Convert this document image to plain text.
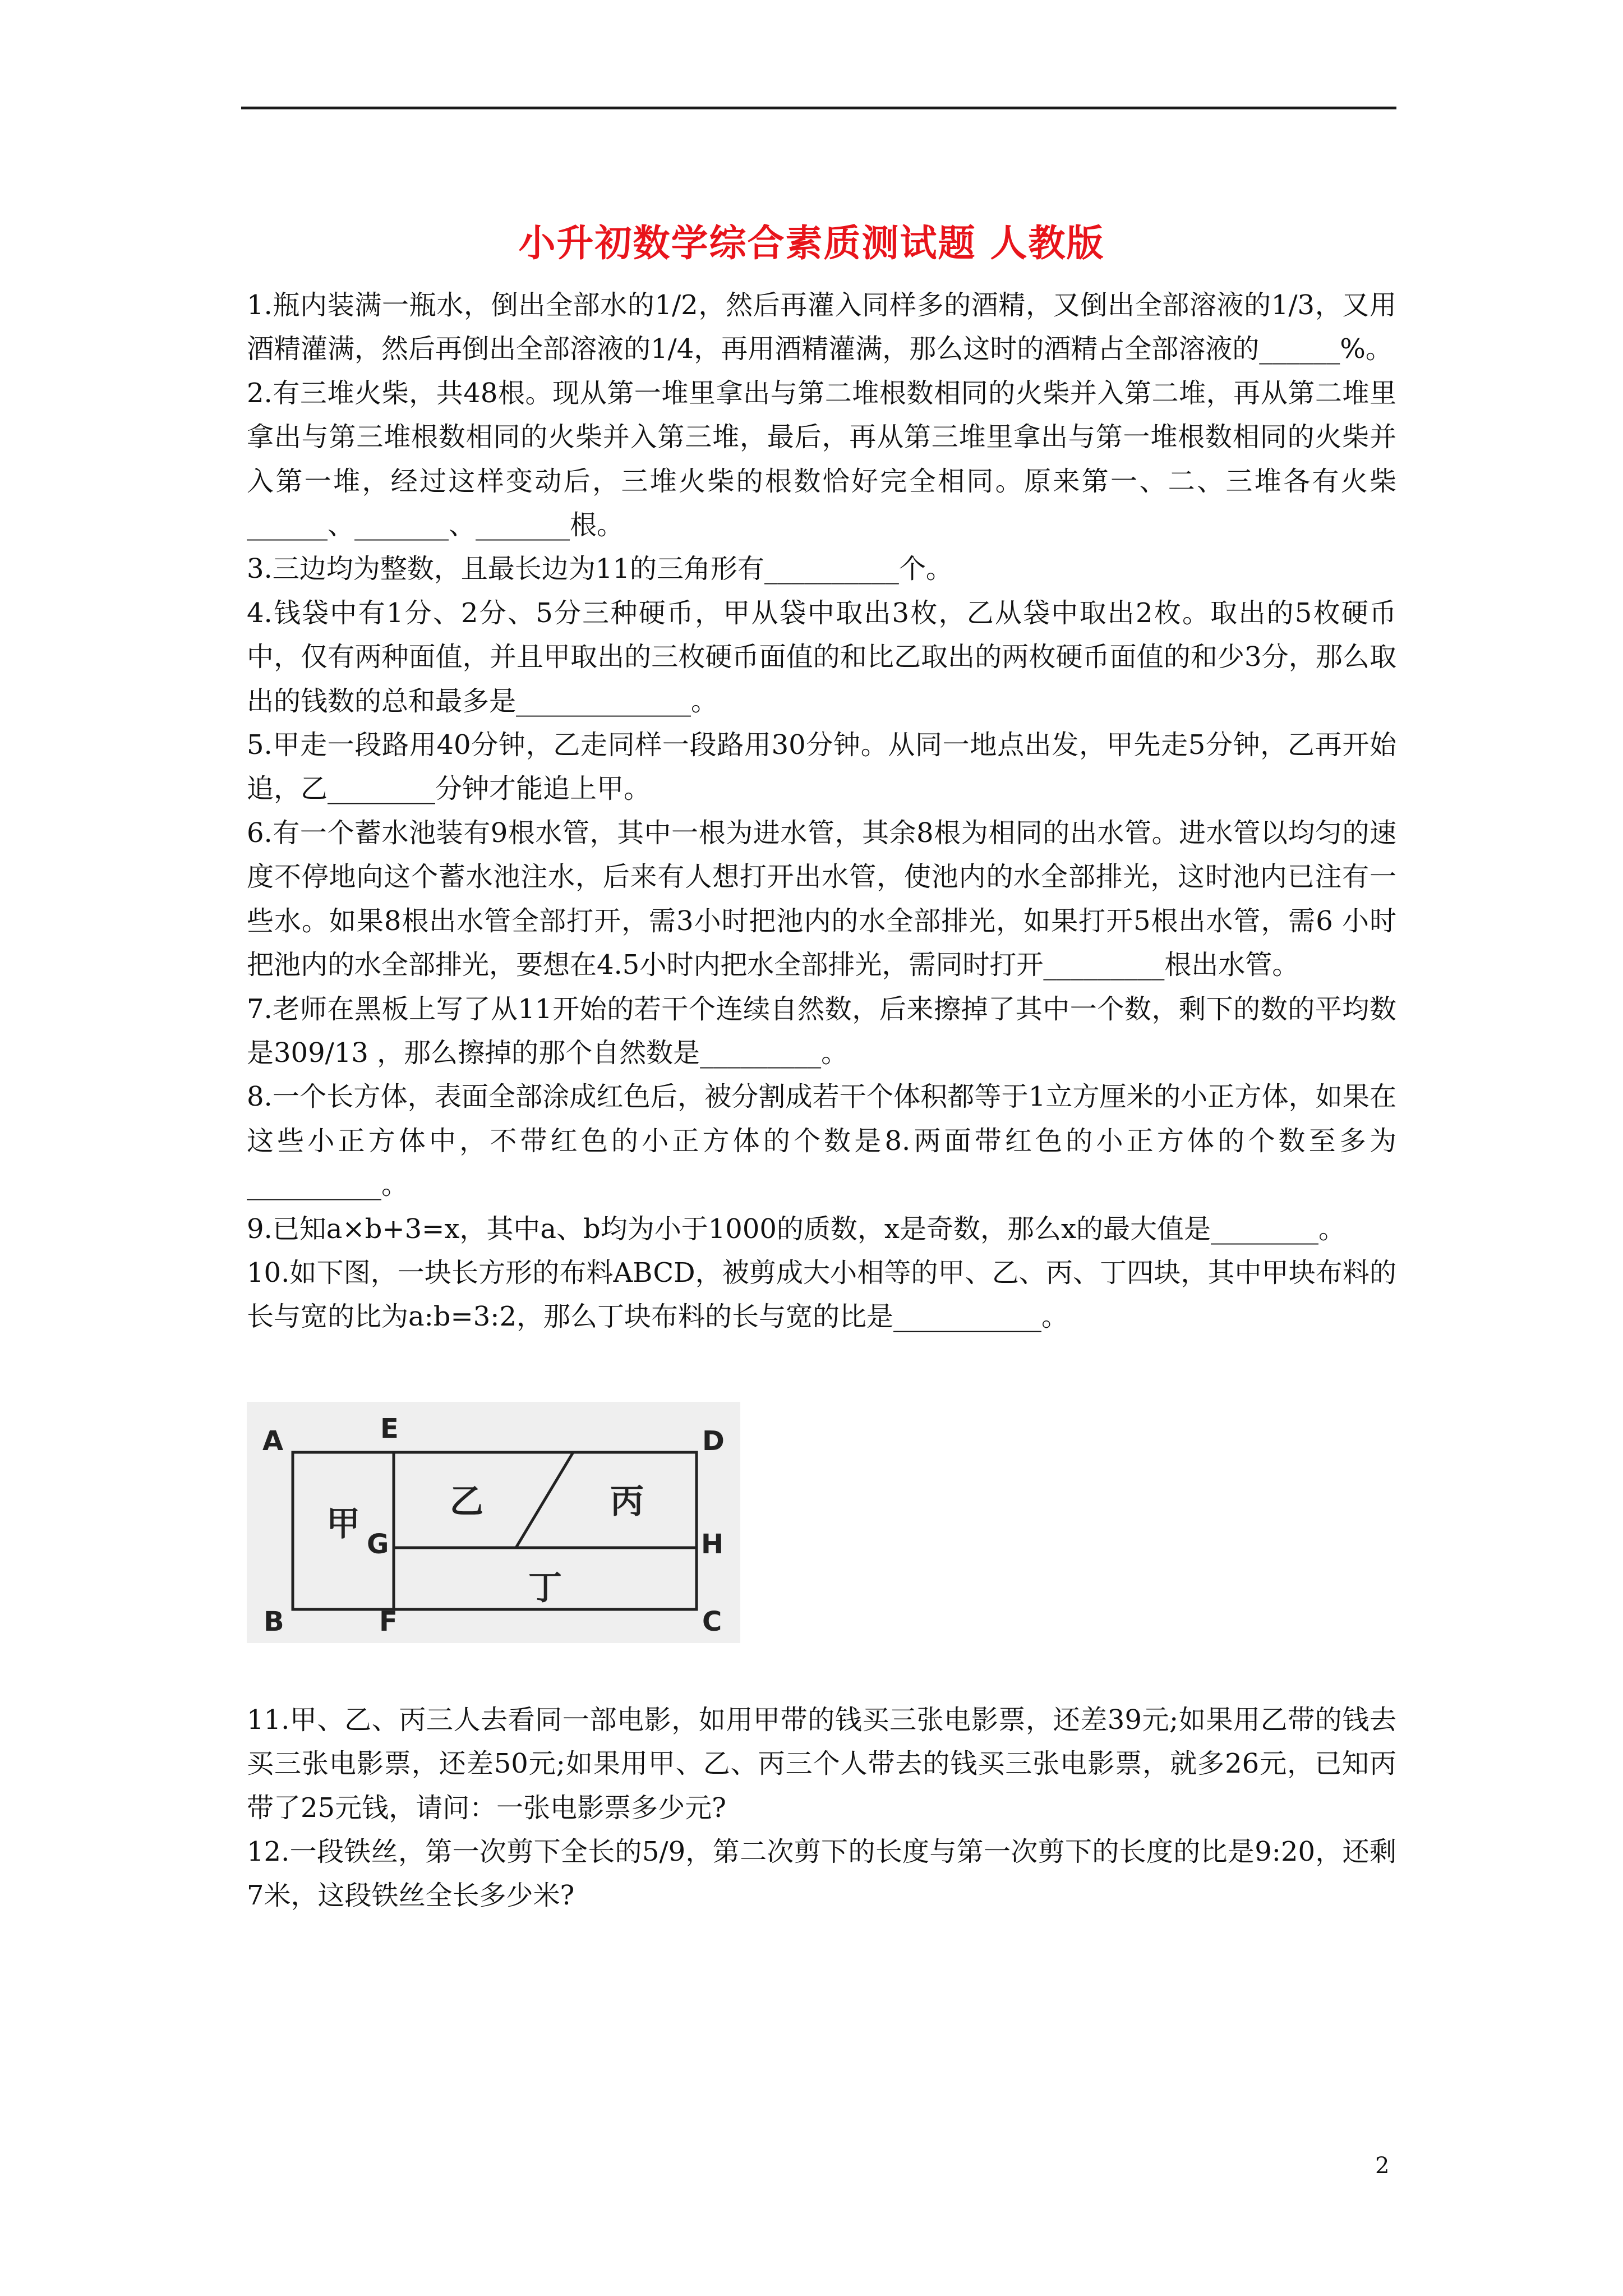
小升初数学综合素质测试题 人教版

1.瓶内装满一瓶水，倒出全部水的1/2，然后再灌入同样多的酒精，又倒出全部溶液的1/3，又用酒精灌满，然后再倒出全部溶液的1/4，再用酒精灌满，那么这时的酒精占全部溶液的______%。

2.有三堆火柴，共48根。现从第一堆里拿出与第二堆根数相同的火柴并入第二堆，再从第二堆里拿出与第三堆根数相同的火柴并入第三堆，最后，再从第三堆里拿出与第一堆根数相同的火柴并入第一堆，经过这样变动后，三堆火柴的根数恰好完全相同。原来第一、二、三堆各有火柴 ______、_______、_______根。

3.三边均为整数，且最长边为11的三角形有__________个。

4.钱袋中有1分、2分、5分三种硬币，甲从袋中取出3枚，乙从袋中取出2枚。取出的5枚硬币中，仅有两种面值，并且甲取出的三枚硬币面值的和比乙取出的两枚硬币面值的和少3分，那么取出的钱数的总和最多是_____________。

5.甲走一段路用40分钟，乙走同样一段路用30分钟。从同一地点出发，甲先走5分钟，乙再开始追，乙________分钟才能追上甲。

6.有一个蓄水池装有9根水管，其中一根为进水管，其余8根为相同的出水管。进水管以均匀的速度不停地向这个蓄水池注水，后来有人想打开出水管，使池内的水全部排光，这时池内已注有一些水。如果8根出水管全部打开，需3小时把池内的水全部排光，如果打开5根出水管，需6 小时把池内的水全部排光，要想在4.5小时内把水全部排光，需同时打开_________根出水管。

7.老师在黑板上写了从11开始的若干个连续自然数，后来擦掉了其中一个数，剩下的数的平均数是309/13 ，那么擦掉的那个自然数是_________。

8.一个长方体，表面全部涂成红色后，被分割成若干个体积都等于1立方厘米的小正方体，如果在这些小正方体中，不带红色的小正方体的个数是8.两面带红色的小正方体的个数至多为__________。

9.已知a×b+3=x，其中a、b均为小于1000的质数，x是奇数，那么x的最大值是________。

10.如下图，一块长方形的布料ABCD，被剪成大小相等的甲、乙、丙、丁四块，其中甲块布料的长与宽的比为a:b=3:2，那么丁块布料的长与宽的比是___________。

A	E	D
G	H
B	F	C
甲
乙	丙
丁

11.甲、乙、丙三人去看同一部电影，如用甲带的钱买三张电影票，还差39元;如果用乙带的钱去买三张电影票，还差50元;如果用甲、乙、丙三个人带去的钱买三张电影票，就多26元，已知丙带了25元钱，请问：一张电影票多少元?

12.一段铁丝，第一次剪下全长的5/9，第二次剪下的长度与第一次剪下的长度的比是9:20，还剩7米，这段铁丝全长多少米?

2
